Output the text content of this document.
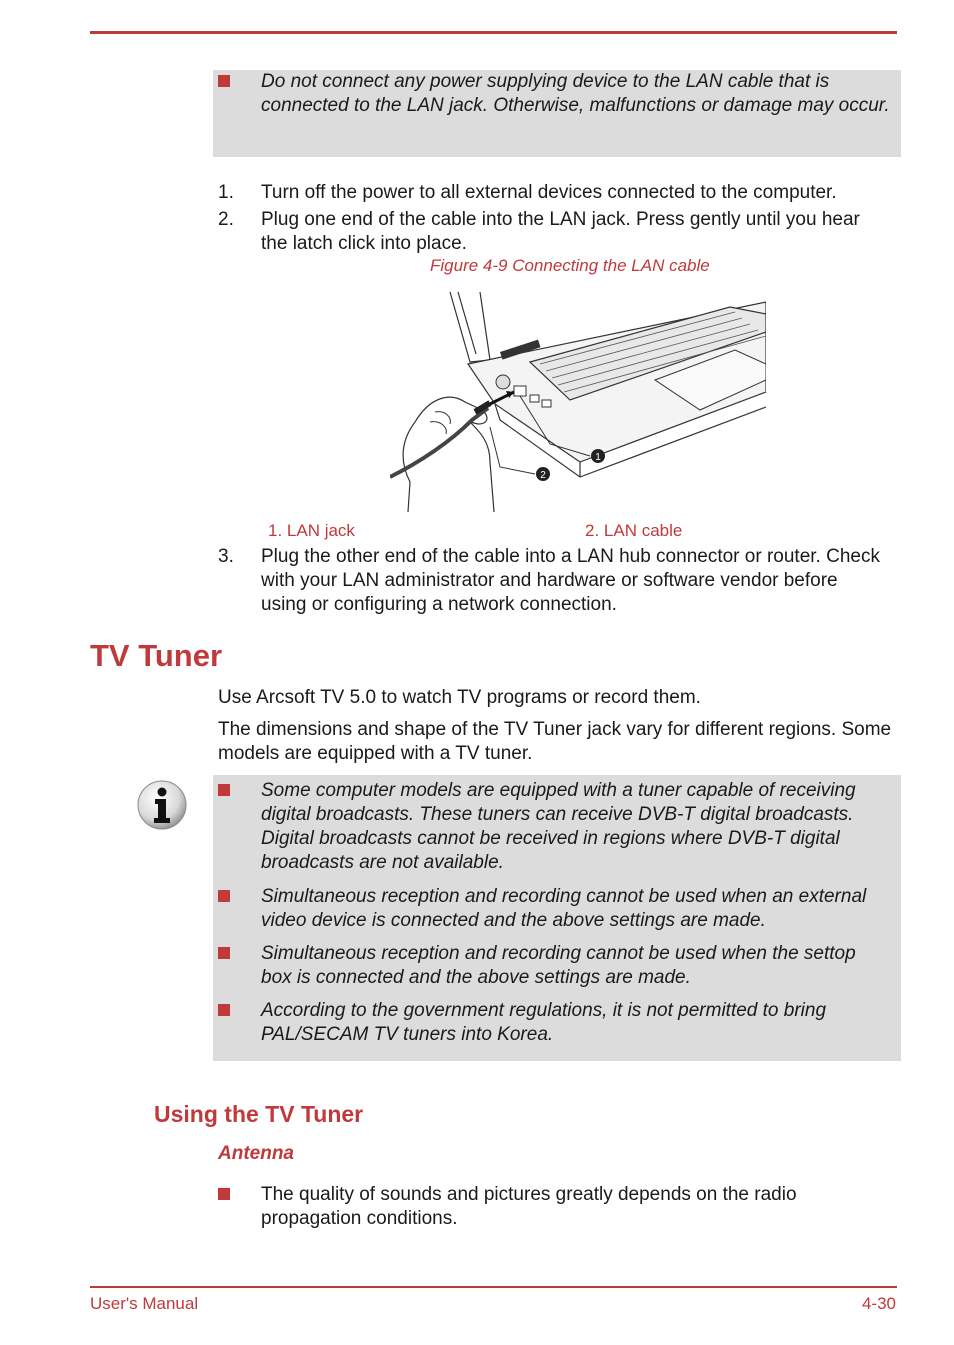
Do not connect any power supplying device to the LAN cable that is connected to the LAN jack. Otherwise, malfunctions or damage may occur.
1. Turn off the power to all external devices connected to the computer.
2. Plug one end of the cable into the LAN jack. Press gently until you hear the latch click into place.
Figure 4-9 Connecting the LAN cable
1
2
1. LAN jack	2. LAN cable
3. Plug the other end of the cable into a LAN hub connector or router. Check with your LAN administrator and hardware or software vendor before using or configuring a network connection.
TV Tuner
Use Arcsoft TV 5.0 to watch TV programs or record them.
The dimensions and shape of the TV Tuner jack vary for different regions. Some models are equipped with a TV tuner.
Some computer models are equipped with a tuner capable of receiving digital broadcasts. These tuners can receive DVB-T digital broadcasts. Digital broadcasts cannot be received in regions where DVB-T digital broadcasts are not available.
Simultaneous reception and recording cannot be used when an external video device is connected and the above settings are made.
Simultaneous reception and recording cannot be used when the settop box is connected and the above settings are made.
According to the government regulations, it is not permitted to bring PAL/SECAM TV tuners into Korea.
Using the TV Tuner
Antenna
The quality of sounds and pictures greatly depends on the radio propagation conditions.
User's Manual	4-30
